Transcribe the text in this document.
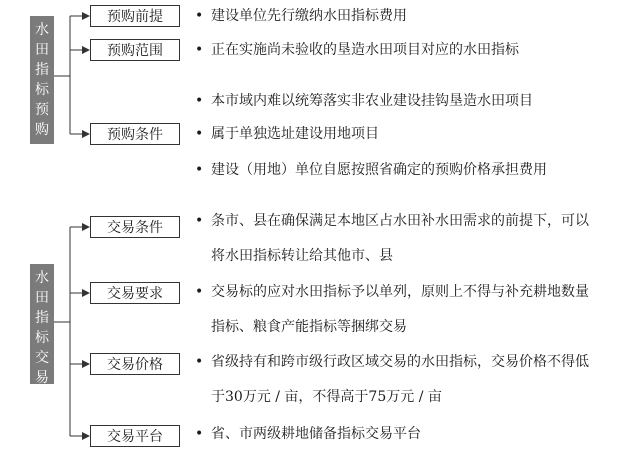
水
田
指
标
预
购
水
田
指
标
交
易
预购前提
预购范围
预购条件
• 建设单位先行缴纳水田指标费用
• 正在实施尚未验收的垦造水田项目对应的水田指标
• 本市域内难以统筹落实非农业建设挂钩垦造水田项目
• 属于单独选址建设用地项目
• 建设（用地）单位自愿按照省确定的预购价格承担费用
交易条件
交易要求
交易价格
交易平台
• 条市、县在确保满足本地区占水田补水田需求的前提下，可以
将水田指标转让给其他市、县
• 交易标的应对水田指标予以单列，原则上不得与补充耕地数量
指标、粮食产能指标等捆绑交易
• 省级持有和跨市级行政区域交易的水田指标，交易价格不得低
于30万元 / 亩，不得高于75万元 / 亩
• 省、市两级耕地储备指标交易平台
